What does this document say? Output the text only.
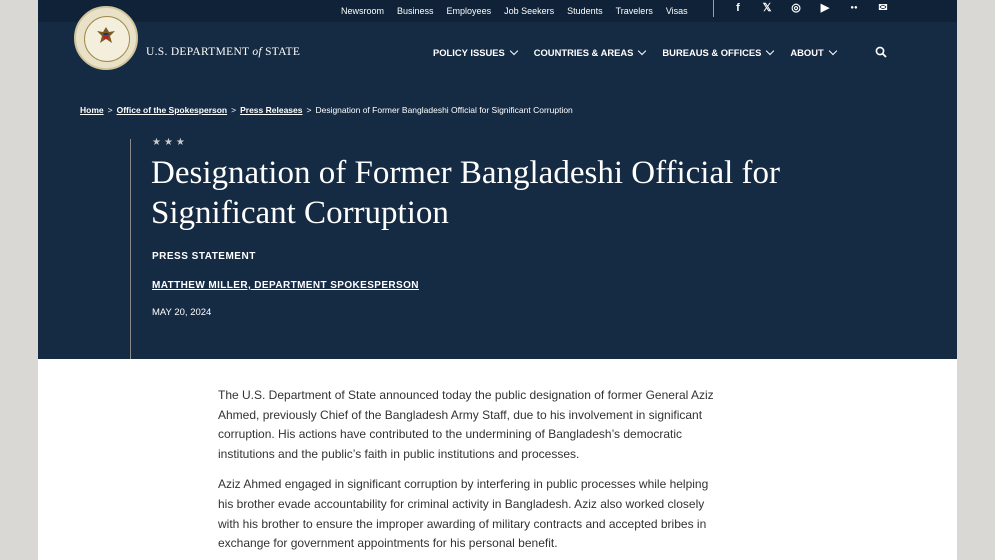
Newsroom Business Employees Job Seekers Students Travelers Visas	f	𝕏 ◎ ▶	●●	✉
U.S. DEPARTMENT of STATE	POLICY ISSUES	COUNTRIES & AREAS	BUREAUS & OFFICES	ABOUT
Home > Office of the Spokesperson > Press Releases > Designation of Former Bangladeshi Official for Significant Corruption
★★★
Designation of Former Bangladeshi Official for Significant Corruption
PRESS STATEMENT
MATTHEW MILLER, DEPARTMENT SPOKESPERSON
MAY 20, 2024

The U.S. Department of State announced today the public designation of former General Aziz Ahmed, previously Chief of the Bangladesh Army Staff, due to his involvement in significant corruption. His actions have contributed to the undermining of Bangladesh’s democratic institutions and the public’s faith in public institutions and processes.

Aziz Ahmed engaged in significant corruption by interfering in public processes while helping his brother evade accountability for criminal activity in Bangladesh. Aziz also worked closely with his brother to ensure the improper awarding of military contracts and accepted bribes in exchange for government appointments for his personal benefit.
